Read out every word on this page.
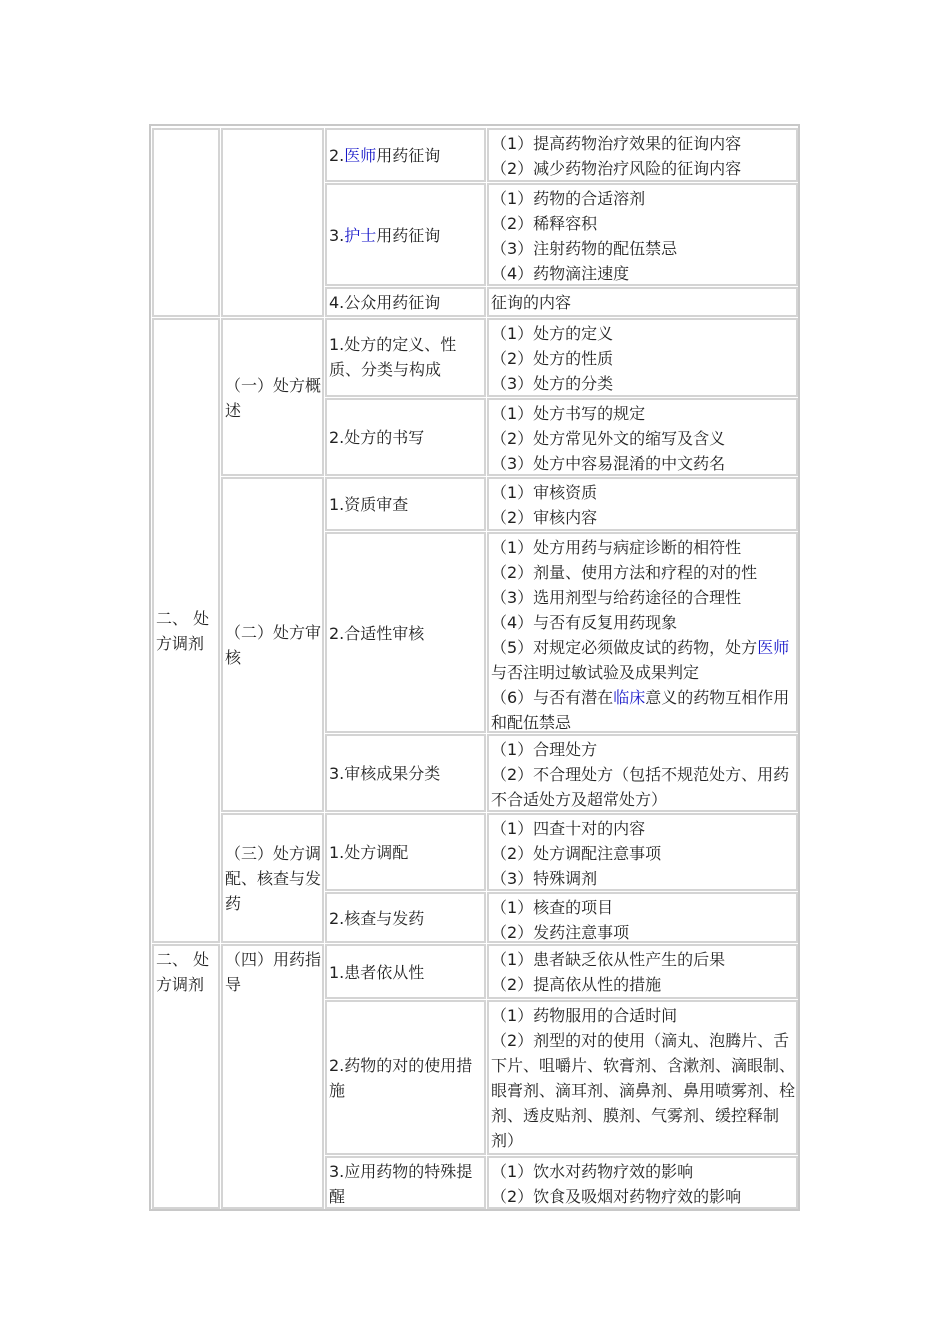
2.医师用药征询
（1）提高药物治疗效果的征询内容
（2）减少药物治疗风险的征询内容
3.护士用药征询
（1）药物的合适溶剂
（2）稀释容积
（3）注射药物的配伍禁忌
（4）药物滴注速度
4.公众用药征询	征询的内容
二、 处方调剂
（一）处方概述
1.处方的定义、性质、分类与构成
（1）处方的定义
（2）处方的性质
（3）处方的分类
2.处方的书写
（1）处方书写的规定
（2）处方常见外文的缩写及含义
（3）处方中容易混淆的中文药名
（二）处方审核
1.资质审查
（1）审核资质
（2）审核内容
2.合适性审核
（1）处方用药与病症诊断的相符性
（2）剂量、使用方法和疗程的对的性
（3）选用剂型与给药途径的合理性
（4）与否有反复用药现象
（5）对规定必须做皮试的药物，处方医师与否注明过敏试验及成果判定
（6）与否有潜在临床意义的药物互相作用和配伍禁忌
3.审核成果分类
（1）合理处方
（2）不合理处方（包括不规范处方、用药不合适处方及超常处方）
（三）处方调配、核查与发药
1.处方调配
（1）四查十对的内容
（2）处方调配注意事项
（3）特殊调剂
2.核查与发药
（1）核查的项目
（2）发药注意事项
二、 处方调剂
（四）用药指导
1.患者依从性
（1）患者缺乏依从性产生的后果
（2）提高依从性的措施
2.药物的对的使用措施
（1）药物服用的合适时间
（2）剂型的对的使用（滴丸、泡腾片、舌下片、咀嚼片、软膏剂、含漱剂、滴眼制、眼膏剂、滴耳剂、滴鼻剂、鼻用喷雾剂、栓剂、透皮贴剂、膜剂、气雾剂、缓控释制剂）
3.应用药物的特殊提醒
（1）饮水对药物疗效的影响
（2）饮食及吸烟对药物疗效的影响
